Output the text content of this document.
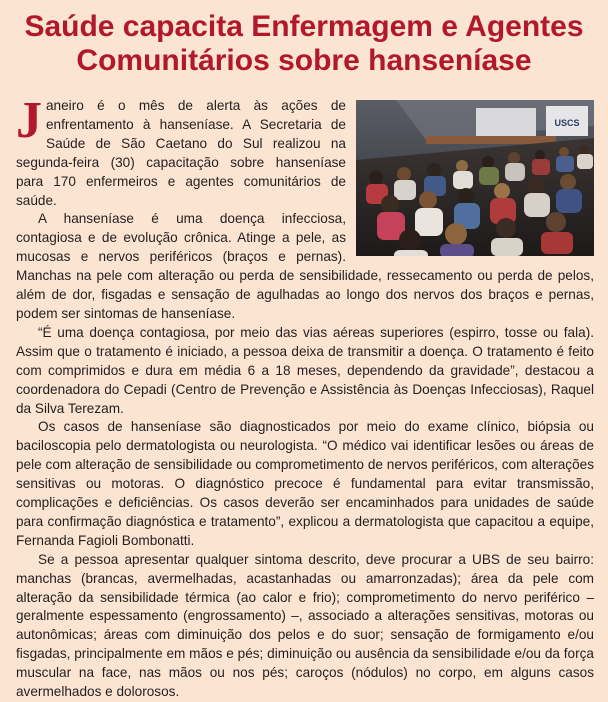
Saúde capacita Enfermagem e Agentes
Comunitários sobre hanseníase
USCS

Janeiro é o mês de alerta às ações de enfrentamento à hanseníase. A Secretaria de Saúde de São Caetano do Sul realizou na segunda-feira (30) capacitação sobre hanseníase para 170 enfermeiros e agentes comunitários de saúde.

A hanseníase é uma doença infecciosa, contagiosa e de evolução crônica. Atinge a pele, as mucosas e nervos periféricos (braços e pernas). Manchas na pele com alteração ou perda de sensibilidade, ressecamento ou perda de pelos, além de dor, fisgadas e sensação de agulhadas ao longo dos nervos dos braços e pernas, podem ser sintomas de hanseníase.

“É uma doença contagiosa, por meio das vias aéreas superiores (espirro, tosse ou fala). Assim que o tratamento é iniciado, a pessoa deixa de transmitir a doença. O tratamento é feito com comprimidos e dura em média 6 a 18 meses, dependendo da gravidade”, destacou a coordenadora do Cepadi (Centro de Prevenção e Assistência às Doenças Infecciosas), Raquel da Silva Terezam.

Os casos de hanseníase são diagnosticados por meio do exame clínico, biópsia ou baciloscopia pelo dermatologista ou neurologista. “O médico vai identificar lesões ou áreas de pele com alteração de sensibilidade ou comprometimento de nervos periféricos, com alterações sensitivas ou motoras. O diagnóstico precoce é fundamental para evitar transmissão, complicações e deficiências. Os casos deverão ser encaminhados para unidades de saúde para confirmação diagnóstica e tratamento”, explicou a dermatologista que capacitou a equipe, Fernanda Fagioli Bombonatti.

Se a pessoa apresentar qualquer sintoma descrito, deve procurar a UBS de seu bairro: manchas (brancas, avermelhadas, acastanhadas ou amarronzadas); área da pele com alteração da sensibilidade térmica (ao calor e frio); comprometimento do nervo periférico – geralmente espessamento (engrossamento) –, associado a alterações sensitivas, motoras ou autonômicas; áreas com diminuição dos pelos e do suor; sensação de formigamento e/ou fisgadas, principalmente em mãos e pés; diminuição ou ausência da sensibilidade e/ou da força muscular na face, nas mãos ou nos pés; caroços (nódulos) no corpo, em alguns casos avermelhados e dolorosos.
